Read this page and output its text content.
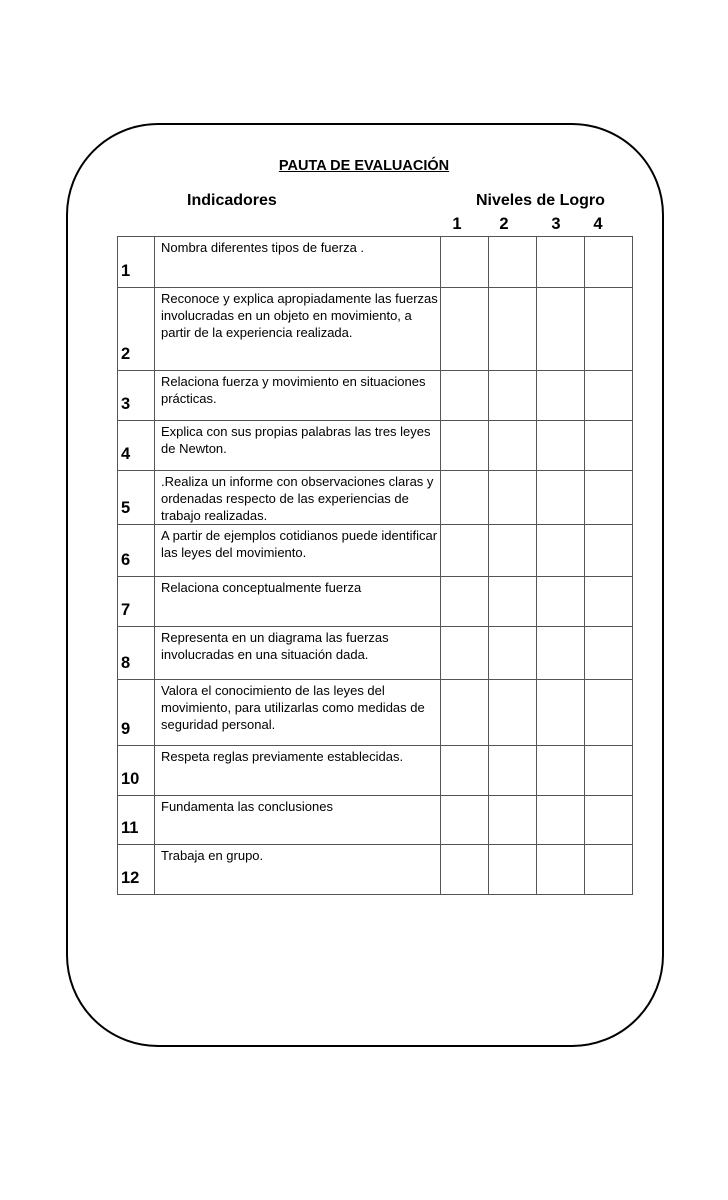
PAUTA DE EVALUACIÓN
Indicadores	Niveles de Logro
1	2	3	4
1	Nombra diferentes tipos de fuerza .				

2	Reconoce y explica apropiadamente las fuerzas involucradas en un objeto en movimiento, a partir de la experiencia realizada.				

3	Relaciona fuerza y movimiento en situaciones prácticas.				

4	Explica con sus propias palabras las tres leyes de Newton.				

5	.Realiza un informe con observaciones claras y ordenadas respecto de las experiencias de trabajo realizadas.				

6	A partir de ejemplos cotidianos puede identificar las leyes del movimiento.				

7	Relaciona conceptualmente fuerza				

8	Representa en un diagrama las fuerzas involucradas en una situación dada.				

9	Valora el conocimiento de las leyes del movimiento, para utilizarlas como medidas de seguridad personal.				

10	Respeta reglas previamente establecidas.				

11	Fundamenta las conclusiones				

12	Trabaja en grupo.				
